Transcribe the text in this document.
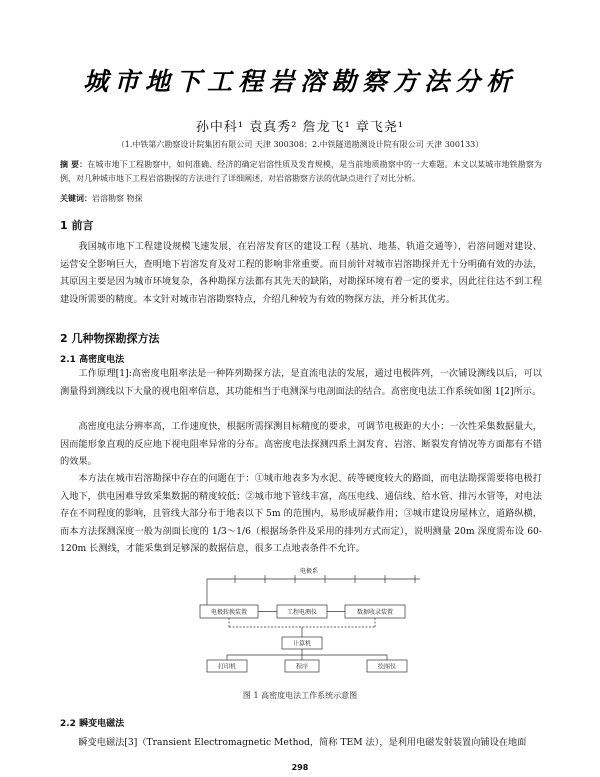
城市地下工程岩溶勘察方法分析
孙中科¹ 袁真秀² 詹龙飞¹ 章飞尧¹
（1.中铁第六勘察设计院集团有限公司 天津 300308；2.中铁隧道勘测设计院有限公司 天津 300133）
摘 要：在城市地下工程勘察中，如何准确、经济的确定岩溶性质及发育规模，是当前地质勘察中的一大难题。本文以某城市地铁勘察为例，对几种城市地下工程岩溶勘探的方法进行了详细阐述，对岩溶勘察方法的优缺点进行了对比分析。
关键词：岩溶勘察 物探
1 前言
我国城市地下工程建设规模飞速发展，在岩溶发育区的建设工程（基坑、地基、轨道交通等），岩溶问题对建设、运营安全影响巨大，查明地下岩溶发育及对工程的影响非常重要。而目前针对城市岩溶勘探并无十分明确有效的办法，其原因主要是因为城市环境复杂，各种勘探方法都有其先天的缺陷，对勘探环境有着一定的要求，因此往往达不到工程建设所需要的精度。本文针对城市岩溶勘察特点，介绍几种较为有效的物探方法，并分析其优劣。
2 几种物探勘探方法
2.1 高密度电法
工作原理[1]:高密度电阻率法是一种阵列勘探方法，是直流电法的发展，通过电极阵列，一次铺设测线以后，可以测量得到测线以下大量的视电阻率信息，其功能相当于电测深与电剖面法的结合。高密度电法工作系统如图 1[2]所示。
高密度电法分辨率高，工作速度快，根据所需探测目标精度的要求，可调节电极距的大小；一次性采集数据量大，因而能形象直观的反应地下视电阻率异常的分布。高密度电法探测四系土洞发育、岩溶、断裂发育情况等方面都有不错的效果。
本方法在城市岩溶勘探中存在的问题在于：①城市地表多为水泥、砖等硬度较大的路面，而电法勘探需要将电极打入地下，供电困难导致采集数据的精度较低；②城市地下管线丰富，高压电线、通信线、给水管、排污水管等，对电法存在不同程度的影响，且管线大部分布于地表以下 5m 的范围内，易形成屏蔽作用；③城市建设房屋林立，道路纵横，而本方法探测深度一般为剖面长度的 1/3～1/6（根据场条件及采用的排列方式而定），说明测量 20m 深度需布设 60-120m 长测线，才能采集到足够深的数据信息，很多工点地表条件不允许。
电极系
电极转换装置	工程电测仪	数据收录装置
计算机
打印机	程序	绘图仪
图 1 高密度电法工作系统示意图
2.2 瞬变电磁法
瞬变电磁法[3]（Transient Electromagnetic Method，简称 TEM 法），是利用电磁发射装置向铺设在地面
298
